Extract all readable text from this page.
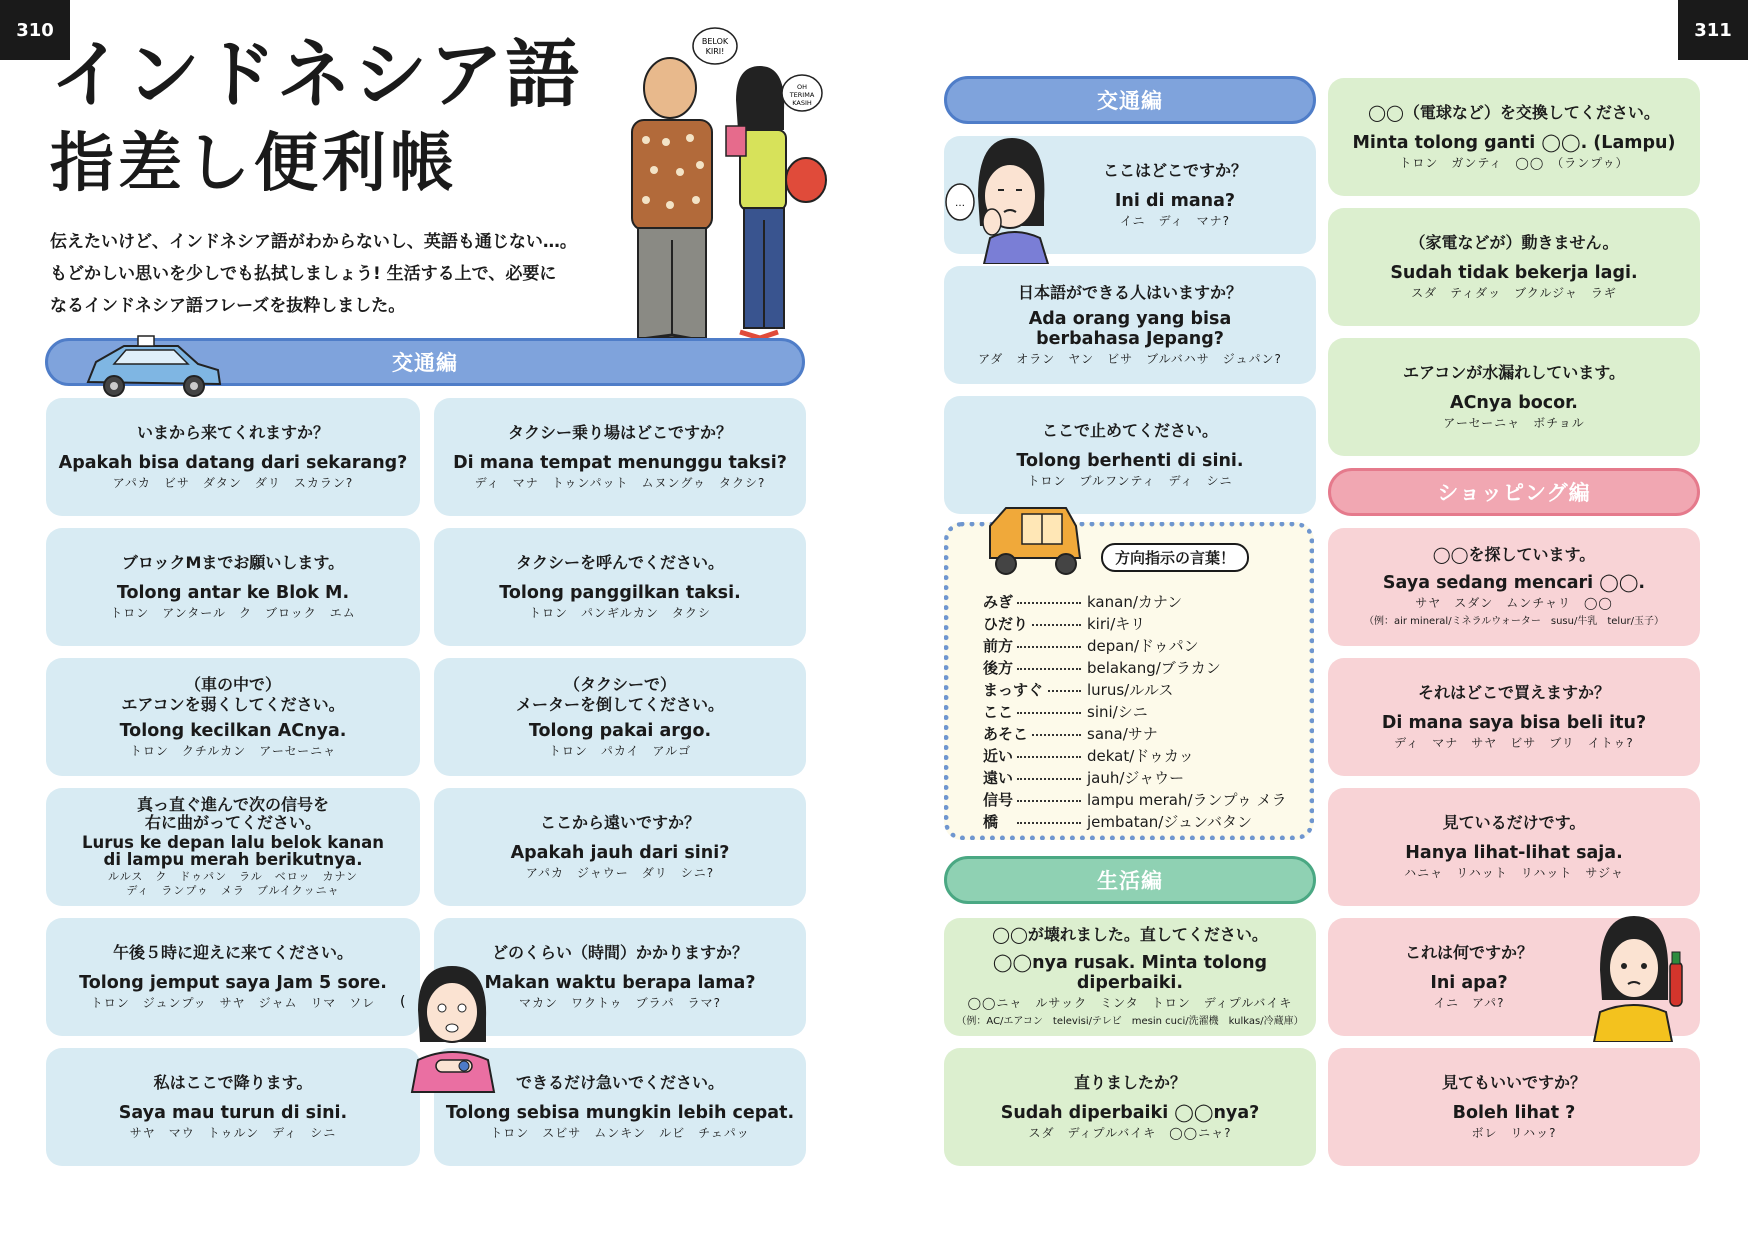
310	311
インドネシア語
指差し便利帳
伝えたいけど、インドネシア語がわからないし、英語も通じない…。
もどかしい思いを少しでも払拭しましょう! 生活する上で、必要に
なるインドネシア語フレーズを抜粋しました。
BELOK
KIRI!
OH
TERIMA
KASIH
交通編
いまから来てくれますか？
Apakah bisa datang dari sekarang?
アパカ　ビサ　ダタン　ダリ　スカラン?
タクシー乗り場はどこですか？
Di mana tempat menunggu taksi?
ディ　マナ　トゥンパット　ムヌングゥ　タクシ?
ブロックMまでお願いします。
Tolong antar ke Blok M.
トロン　アンタール　ク　ブロック　エム
タクシーを呼んでください。
Tolong panggilkan taksi.
トロン　パンギルカン　タクシ
（車の中で）
エアコンを弱くしてください。
Tolong kecilkan ACnya.
トロン　クチルカン　アーセーニャ
（タクシーで）
メーターを倒してください。
Tolong pakai argo.
トロン　パカイ　アルゴ
真っ直ぐ進んで次の信号を
右に曲がってください。
Lurus ke depan lalu belok kanan
di lampu merah berikutnya.
ルルス　ク　ドゥパン　ラル　ベロッ　カナン
ディ　ランプゥ　メラ　ブルイクッニャ
ここから遠いですか？
Apakah jauh dari sini?
アパカ　ジャウー　ダリ　シニ?
午後５時に迎えに来てください。
Tolong jemput saya Jam 5 sore.
トロン　ジュンプッ　サヤ　ジャム　リマ　ソレ
どのくらい（時間）かかりますか？
Makan waktu berapa lama?
マカン　ワクトゥ　ブラパ　ラマ?
私はここで降ります。
Saya mau turun di sini.
サヤ　マウ　トゥルン　ディ　シニ
できるだけ急いでください。
Tolong sebisa mungkin lebih cepat.
トロン　スビサ　ムンキン　ルビ　チェパッ
(
交通編
ここはどこですか？
Ini di mana?
イニ　ディ　マナ?
…
日本語ができる人はいますか？
Ada orang yang bisa
berbahasa Jepang?
アダ　オラン　ヤン　ビサ　ブルバハサ　ジュパン?
ここで止めてください。
Tolong berhenti di sini.
トロン　ブルフンティ　ディ　シニ
方向指示の言葉！
みぎ	kanan/カナン
ひだり	kiri/キリ
前方	depan/ドゥパン
後方	belakang/ブラカン
まっすぐ	lurus/ルルス
ここ	sini/シニ
あそこ	sana/サナ
近い	dekat/ドゥカッ
遠い	jauh/ジャウー
信号	lampu merah/ランプゥ メラ
橋	jembatan/ジュンバタン
生活編
◯◯が壊れました。直してください。
◯◯nya rusak. Minta tolong diperbaiki.
◯◯ニャ　ルサック　ミンタ　トロン　ディプルバイキ
（例：AC/エアコン　televisi/テレビ　mesin cuci/洗濯機　kulkas/冷蔵庫）
直りましたか？
Sudah diperbaiki ◯◯nya?
スダ　ディプルバイキ　◯◯ニャ?
◯◯（電球など）を交換してください。
Minta tolong ganti ◯◯. (Lampu)
トロン　ガンティ　◯◯　（ランプゥ）
（家電などが）動きません。
Sudah tidak bekerja lagi.
スダ　ティダッ　ブクルジャ　ラギ
エアコンが水漏れしています。
ACnya bocor.
アーセーニャ　ボチョル
ショッピング編
◯◯を探しています。
Saya sedang mencari ◯◯.
サヤ　スダン　ムンチャリ　◯◯
（例：air mineral/ミネラルウォーター　susu/牛乳　telur/玉子）
それはどこで買えますか？
Di mana saya bisa beli itu?
ディ　マナ　サヤ　ビサ　ブリ　イトゥ?
見ているだけです。
Hanya lihat-lihat saja.
ハニャ　リハット　リハット　サジャ
これは何ですか？
Ini apa?
イニ　アパ?
見てもいいですか？
Boleh lihat ?
ボレ　リハッ?
